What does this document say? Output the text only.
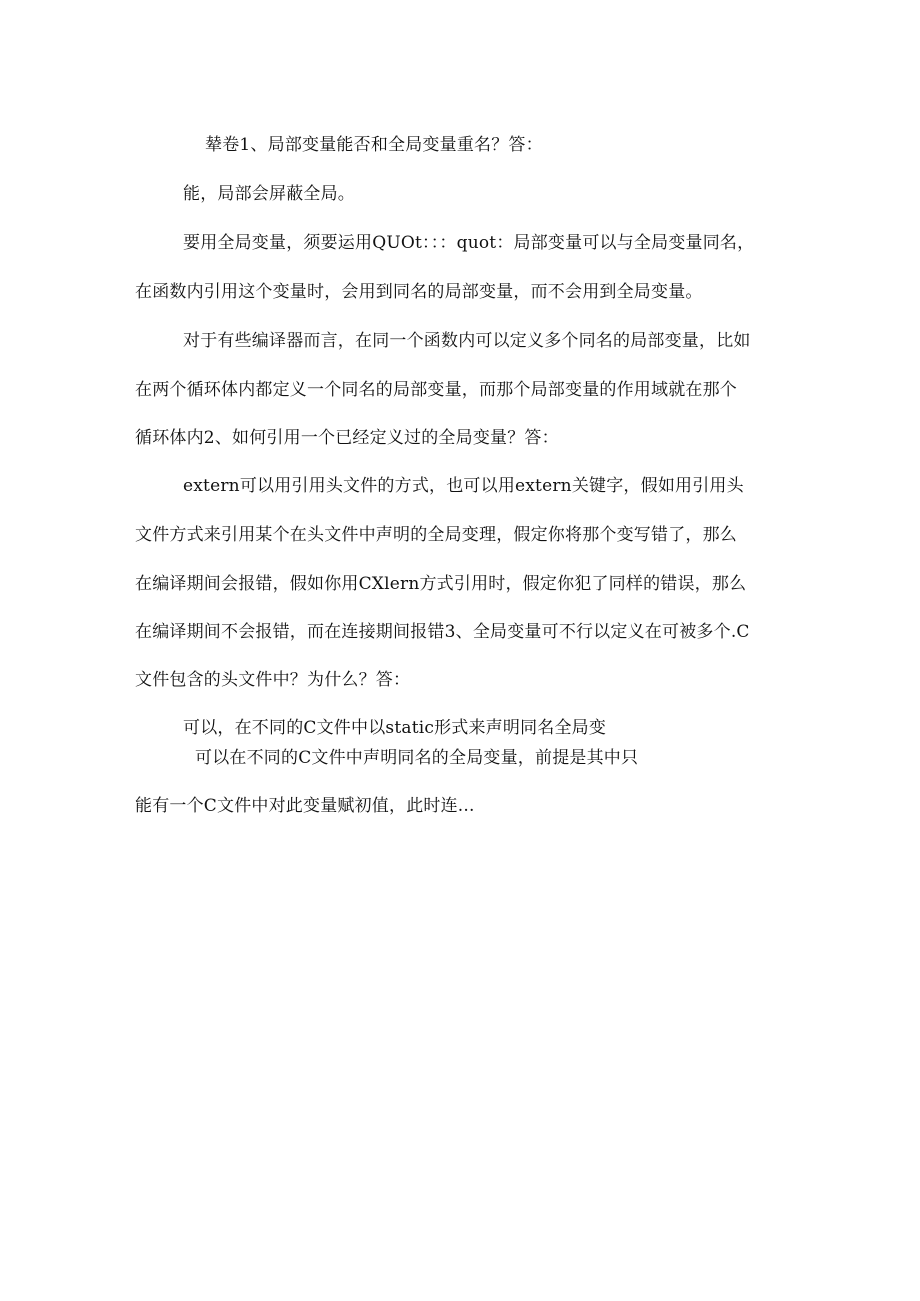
辇卷1、局部变量能否和全局变量重名？答：
能，局部会屏蔽全局。
要用全局变量，须要运用QUOt：：：quot：局部变量可以与全局变量同名，
在函数内引用这个变量时，会用到同名的局部变量，而不会用到全局变量。
对于有些编译器而言，在同一个函数内可以定义多个同名的局部变量，比如
在两个循环体内都定义一个同名的局部变量，而那个局部变量的作用域就在那个
循环体内2、如何引用一个已经定义过的全局变量？答：
extern可以用引用头文件的方式，也可以用extern关键字，假如用引用头
文件方式来引用某个在头文件中声明的全局变理，假定你将那个变写错了，那么
在编译期间会报错，假如你用CXlern方式引用时，假定你犯了同样的错误，那么
在编译期间不会报错，而在连接期间报错3、全局变量可不行以定义在可被多个.C
文件包含的头文件中？为什么？答：
可以，在不同的C文件中以static形式来声明同名全局变
可以在不同的C文件中声明同名的全局变量，前提是其中只
能有一个C文件中对此变量赋初值，此时连...
